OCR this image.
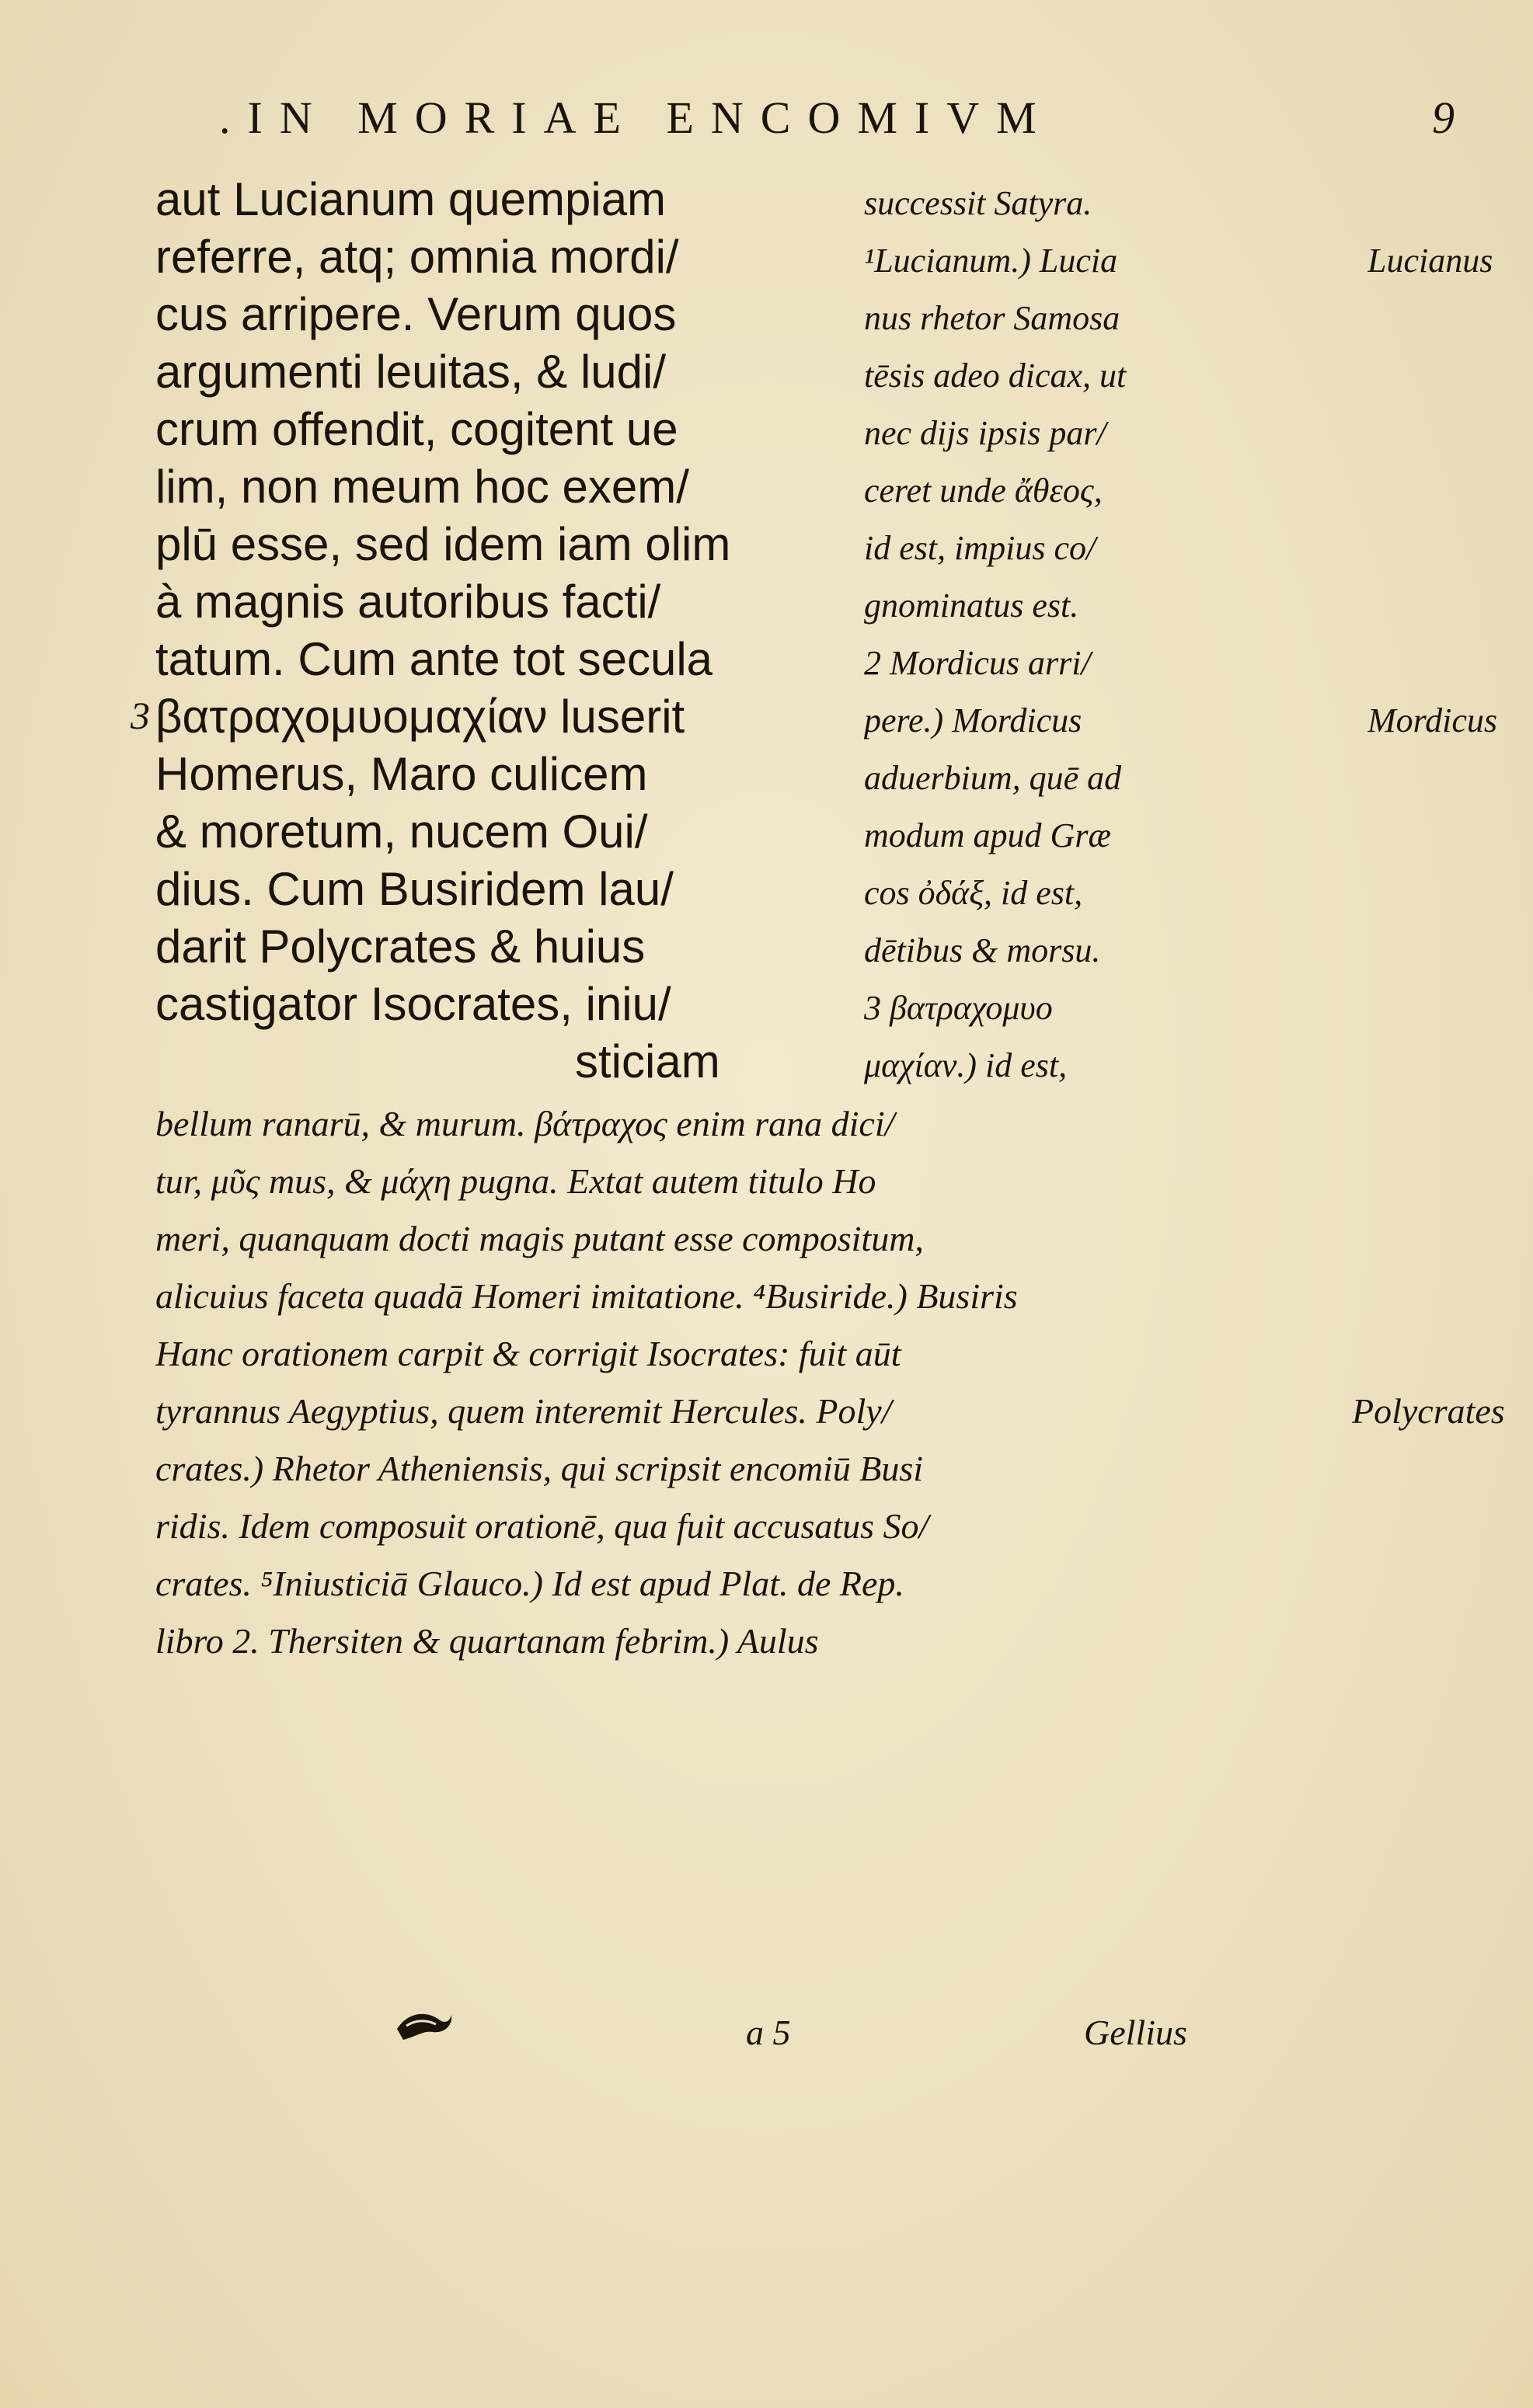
.IN MORIAE ENCOMIVM	9
aut Lucianum quempiam
referre, atq; omnia mordi/
cus arripere. Verum quos
argumenti leuitas, & ludi/
crum offendit, cogitent ue
lim, non meum hoc exem/
plū esse, sed idem iam olim
à magnis autoribus facti/
tatum. Cum ante tot secula
3 βατραχομυομαχίαν luserit
Homerus, Maro culicem
& moretum, nucem Oui/
dius. Cum Busiridem lau/
darit Polycrates & huius
castigator Isocrates, iniu/
sticiam
successit Satyra.
¹Lucianum.) Lucia
nus rhetor Samosa
tēsis adeo dicax, ut
nec dijs ipsis par/
ceret unde ἄθεος,
id est, impius co/
gnominatus est.
2 Mordicus arri/
pere.) Mordicus
aduerbium, quē ad
modum apud Græ
cos ὀδάξ, id est,
dētibus & morsu.
3 βατραχομυο
μαχίαν.) id est,
Lucianus
Mordicus
bellum ranarū, & murum. βάτραχος enim rana dici/
tur, μῦς mus, & μάχη pugna. Extat autem titulo Ho
meri, quanquam docti magis putant esse compositum,
alicuius faceta quadā Homeri imitatione. ⁴Busiride.) Busiris
Hanc orationem carpit & corrigit Isocrates: fuit aūt
tyrannus Aegyptius, quem interemit Hercules. Poly/	Polycrates
crates.) Rhetor Atheniensis, qui scripsit encomiū Busi
ridis. Idem composuit orationē, qua fuit accusatus So/
crates. ⁵Iniusticiā Glauco.) Id est apud Plat. de Rep.
libro 2. Thersiten & quartanam febrim.) Aulus
a 5	Gellius
